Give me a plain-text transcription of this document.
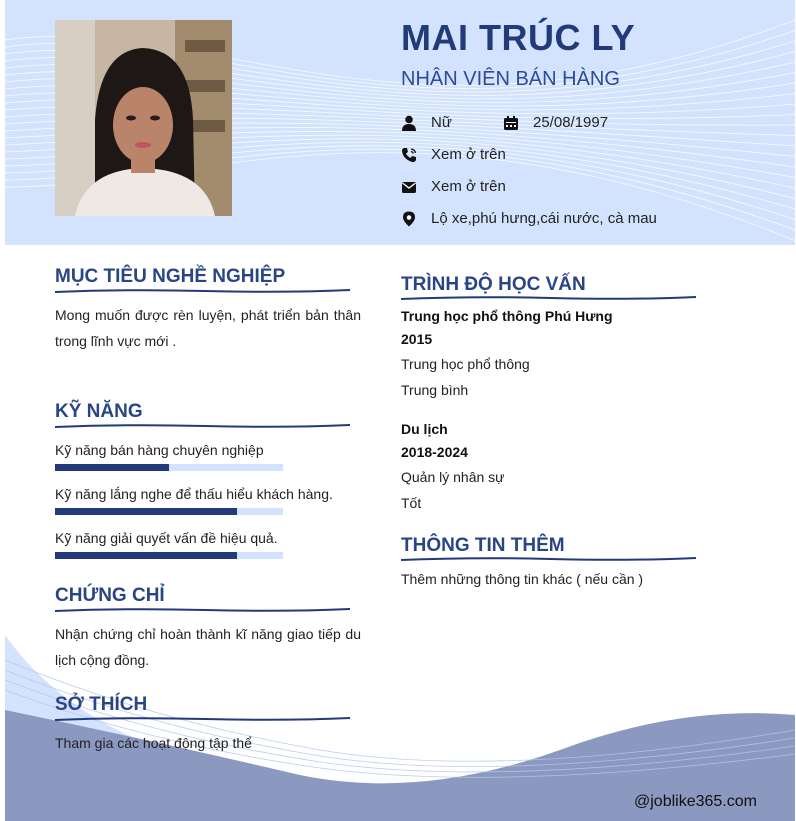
MAI TRÚC LY
NHÂN VIÊN BÁN HÀNG
Nữ	25/08/1997
Xem ở trên
Xem ở trên
Lộ xe,phú hưng,cái nước, cà mau
MỤC TIÊU NGHỀ NGHIỆP
Mong muốn được rèn luyện, phát triển bản thân trong lĩnh vực mới .
KỸ NĂNG
Kỹ năng bán hàng chuyên nghiệp
Kỹ năng lắng nghe để thấu hiểu khách hàng.
Kỹ năng giải quyết vấn đề hiệu quả.
CHỨNG CHỈ
Nhận chứng chỉ hoàn thành kĩ năng giao tiếp du lịch cộng đồng.
SỞ THÍCH
Tham gia các hoạt động tập thể
TRÌNH ĐỘ HỌC VẤN
Trung học phổ thông Phú Hưng
2015
Trung học phổ thông
Trung bình
Du lịch
2018-2024
Quản lý nhân sự
Tốt
THÔNG TIN THÊM
Thêm những thông tin khác ( nếu cần )
@joblike365.com
